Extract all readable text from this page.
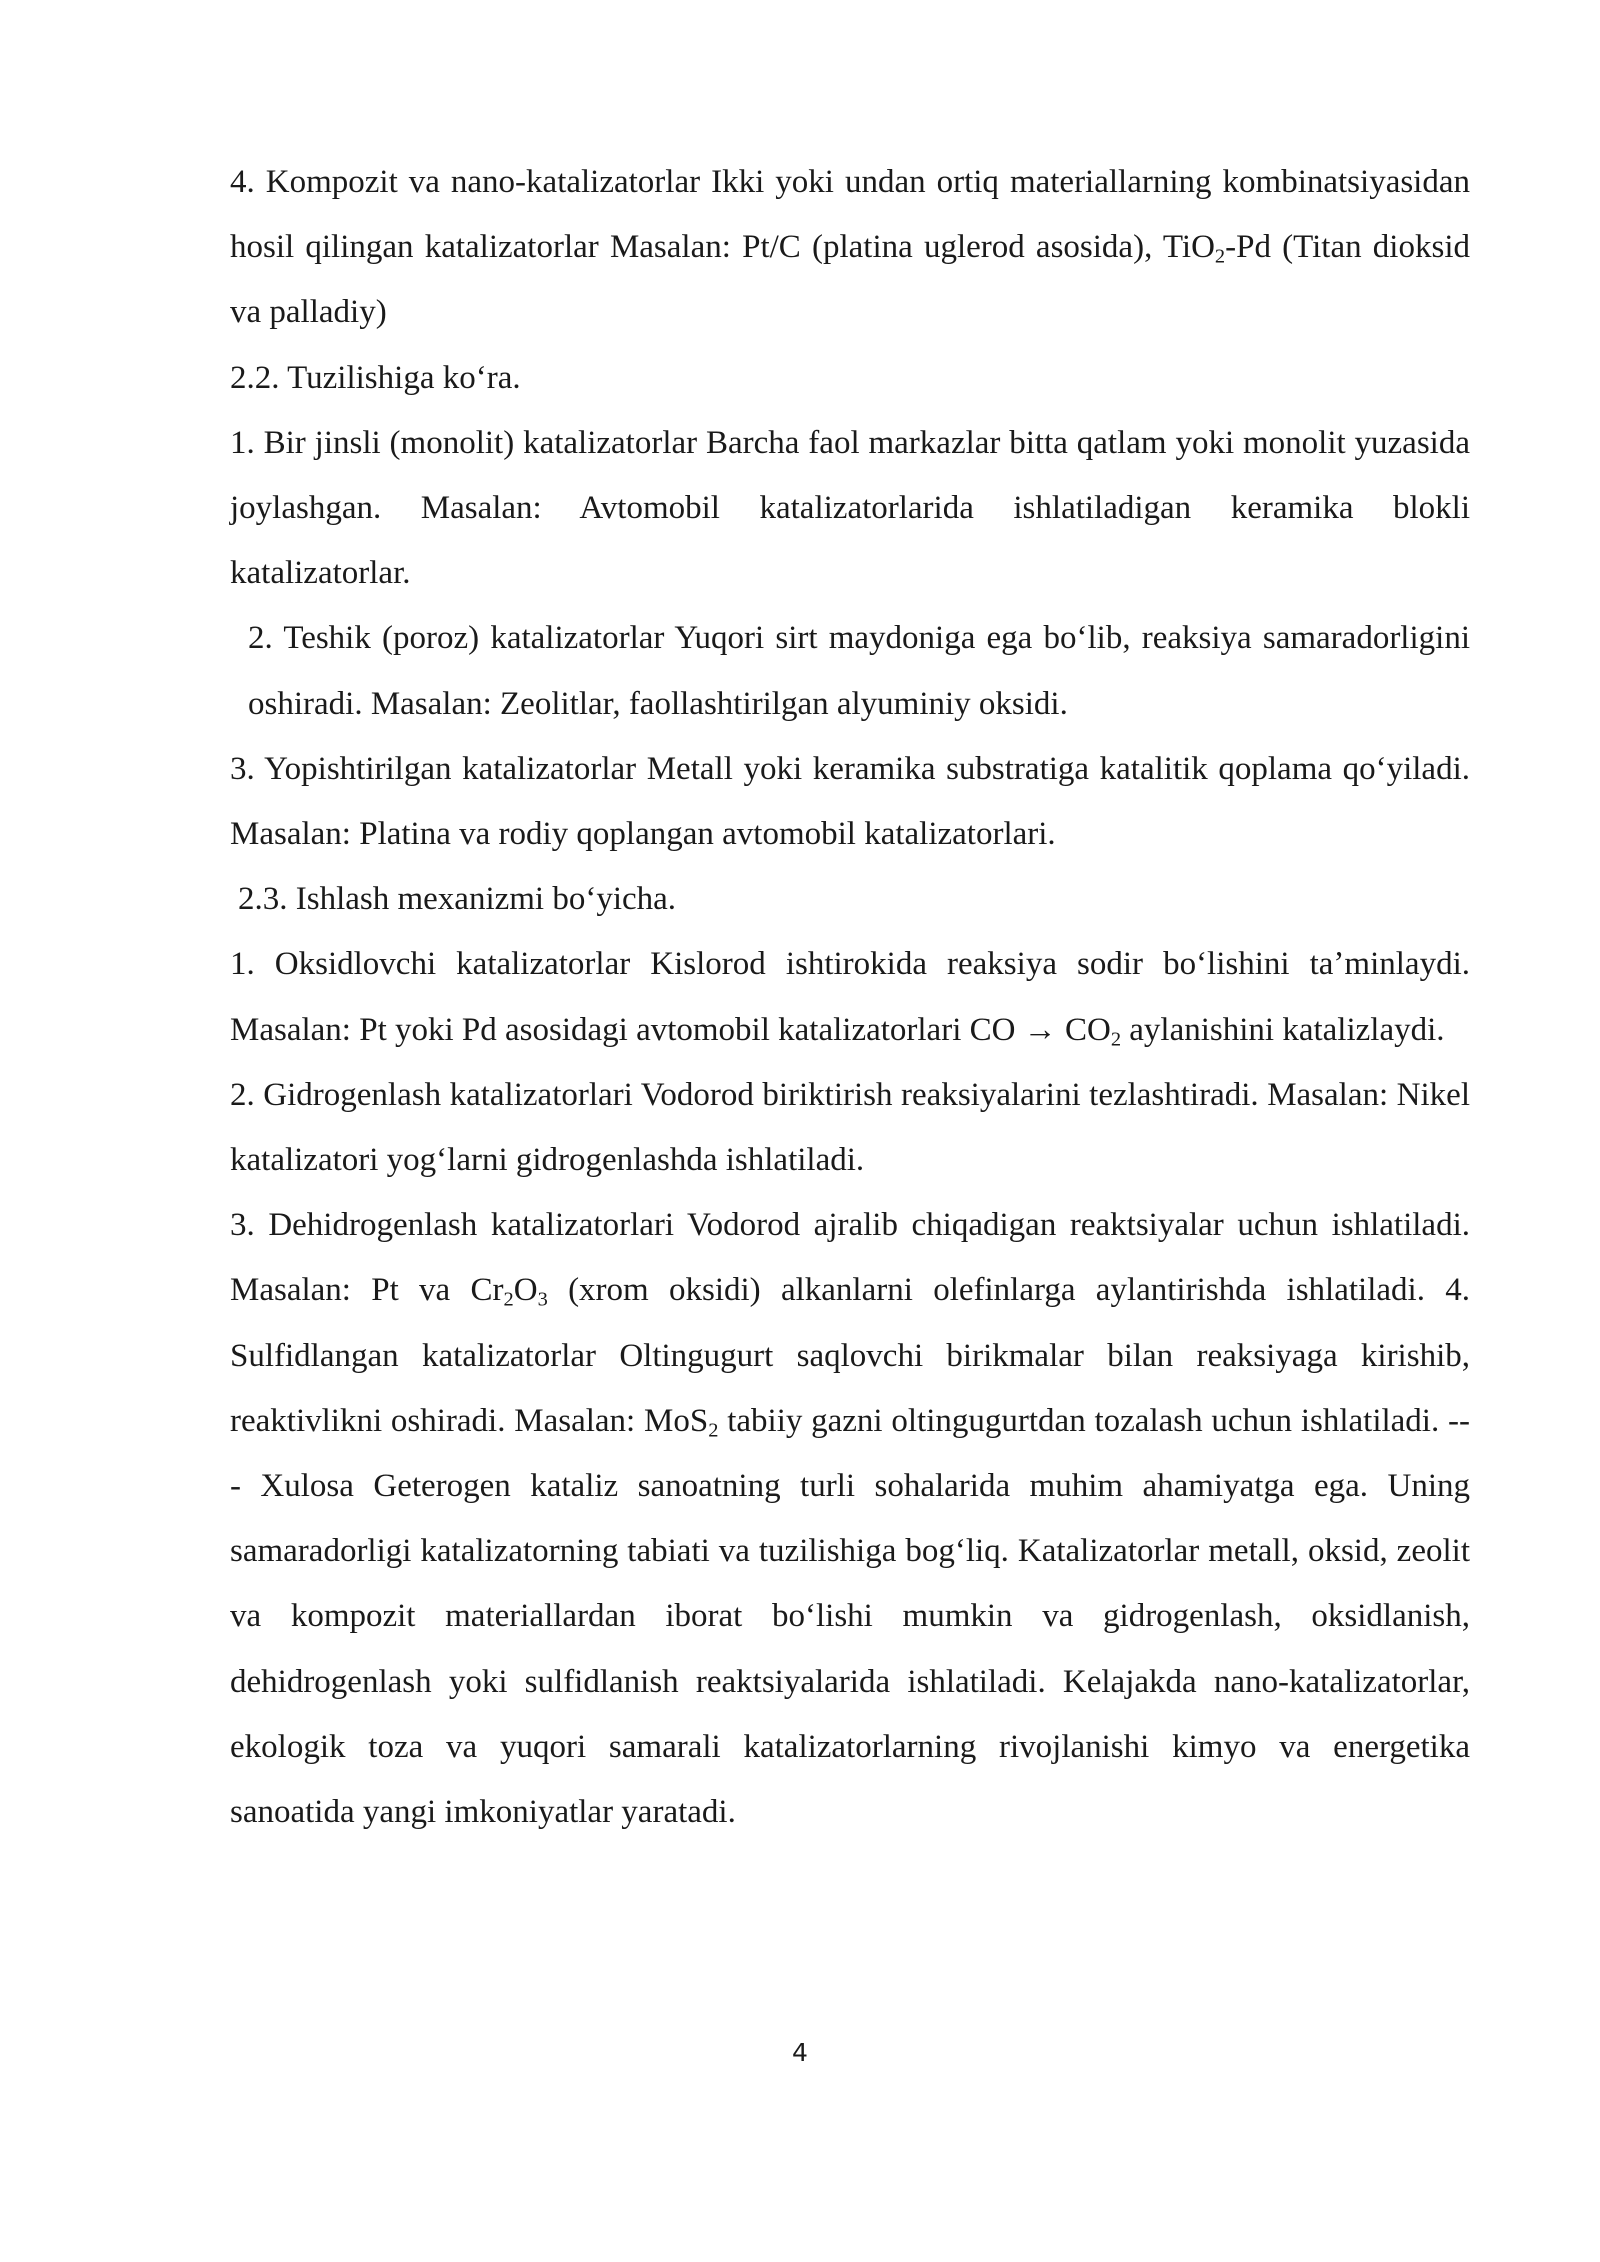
4. Kompozit va nano-katalizatorlar Ikki yoki undan ortiq materiallarning kombinatsiyasidan hosil qilingan katalizatorlar Masalan: Pt/C (platina uglerod asosida), TiO$_2$-Pd (Titan dioksid va palladiy)

2.2. Tuzilishiga koʻra.

1. Bir jinsli (monolit) katalizatorlar Barcha faol markazlar bitta qatlam yoki monolit yuzasida joylashgan. Masalan: Avtomobil katalizatorlarida ishlatiladigan keramika blokli katalizatorlar.

2. Teshik (poroz) katalizatorlar Yuqori sirt maydoniga ega boʻlib, reaksiya samaradorligini oshiradi. Masalan: Zeolitlar, faollashtirilgan alyuminiy oksidi.

3. Yopishtirilgan katalizatorlar Metall yoki keramika substratiga katalitik qoplama qoʻyiladi. Masalan: Platina va rodiy qoplangan avtomobil katalizatorlari.

2.3. Ishlash mexanizmi boʻyicha.

1. Oksidlovchi katalizatorlar Kislorod ishtirokida reaksiya sodir boʻlishini taʼminlaydi. Masalan: Pt yoki Pd asosidagi avtomobil katalizatorlari CO → $CO_2$ aylanishini katalizlaydi.

2. Gidrogenlash katalizatorlari Vodorod biriktirish reaksiyalarini tezlashtiradi. Masalan: Nikel katalizatori yogʻlarni gidrogenlashda ishlatiladi.

3. Dehidrogenlash katalizatorlari Vodorod ajralib chiqadigan reaktsiyalar uchun ishlatiladi. Masalan: Pt va $Cr_2O_3$ (xrom oksidi) alkanlarni olefinlarga aylantirishda ishlatiladi. 4. Sulfidlangan katalizatorlar Oltingugurt saqlovchi birikmalar bilan reaksiyaga kirishib, reaktivlikni oshiradi. Masalan: MoS$_2$ tabiiy gazni oltingugurtdan tozalash uchun ishlatiladi. --- Xulosa Geterogen kataliz sanoatning turli sohalarida muhim ahamiyatga ega. Uning samaradorligi katalizatorning tabiati va tuzilishiga bogʻliq. Katalizatorlar metall, oksid, zeolit va kompozit materiallardan iborat boʻlishi mumkin va gidrogenlash, oksidlanish, dehidrogenlash yoki sulfidlanish reaktsiyalarida ishlatiladi. Kelajakda nano-katalizatorlar, ekologik toza va yuqori samarali katalizatorlarning rivojlanishi kimyo va energetika sanoatida yangi imkoniyatlar yaratadi.

4
